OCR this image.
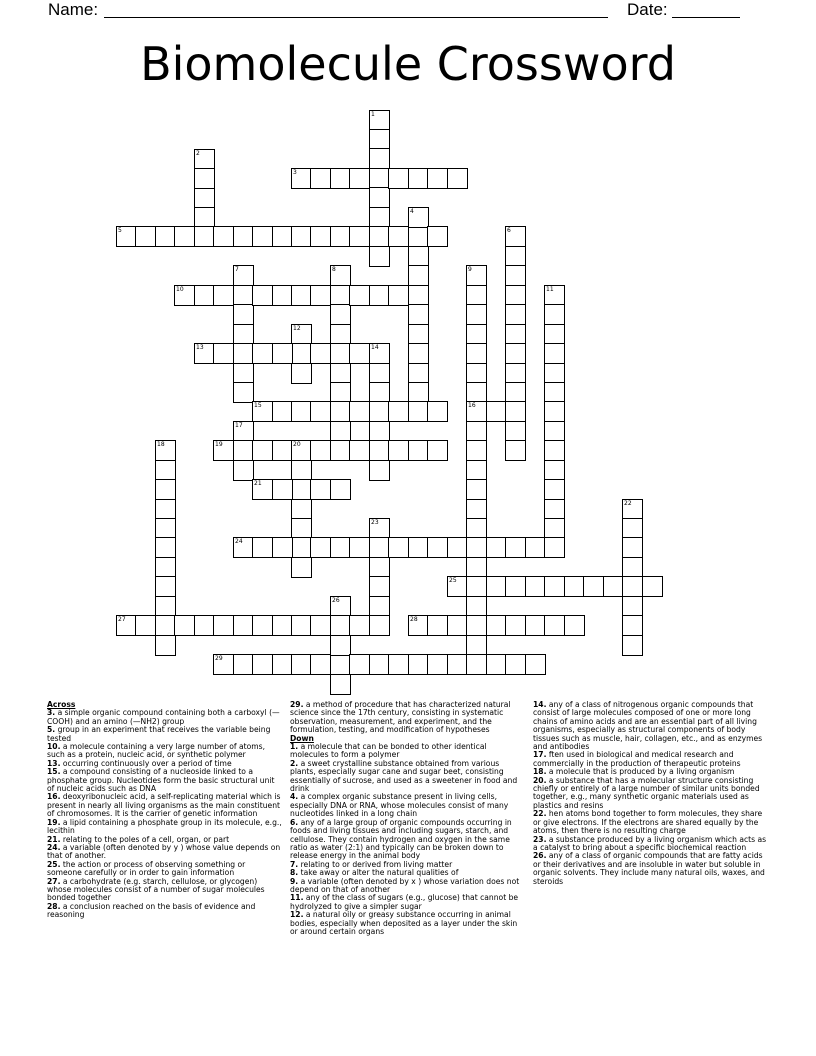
Name:	Date:
Biomolecule Crossword
1
2
3
4
5	6
7	8	9
10	11
12
13	14
15	16
17
18	19	20
21
22
23
24
25
26
27	28
29
Across
3. a simple organic compound containing both a carboxyl (—COOH) and an amino (—NH2) group
5. group in an experiment that receives the variable being tested
10. a molecule containing a very large number of atoms, such as a protein, nucleic acid, or synthetic polymer
13. occurring continuously over a period of time
15. a compound consisting of a nucleoside linked to a phosphate group. Nucleotides form the basic structural unit of nucleic acids such as DNA
16. deoxyribonucleic acid, a self-replicating material which is present in nearly all living organisms as the main constituent of chromosomes. It is the carrier of genetic information
19. a lipid containing a phosphate group in its molecule, e.g., lecithin
21. relating to the poles of a cell, organ, or part
24. a variable (often denoted by y ) whose value depends on that of another.
25. the action or process of observing something or someone carefully or in order to gain information
27. a carbohydrate (e.g. starch, cellulose, or glycogen) whose molecules consist of a number of sugar molecules bonded together
28. a conclusion reached on the basis of evidence and reasoning
29. a method of procedure that has characterized natural science since the 17th century, consisting in systematic observation, measurement, and experiment, and the formulation, testing, and modification of hypotheses
Down
1. a molecule that can be bonded to other identical molecules to form a polymer
2. a sweet crystalline substance obtained from various plants, especially sugar cane and sugar beet, consisting essentially of sucrose, and used as a sweetener in food and drink
4. a complex organic substance present in living cells, especially DNA or RNA, whose molecules consist of many nucleotides linked in a long chain
6. any of a large group of organic compounds occurring in foods and living tissues and including sugars, starch, and cellulose. They contain hydrogen and oxygen in the same ratio as water (2:1) and typically can be broken down to release energy in the animal body
7. relating to or derived from living matter
8. take away or alter the natural qualities of
9. a variable (often denoted by x ) whose variation does not depend on that of another
11. any of the class of sugars (e.g., glucose) that cannot be hydrolyzed to give a simpler sugar
12. a natural oily or greasy substance occurring in animal bodies, especially when deposited as a layer under the skin or around certain organs
14. any of a class of nitrogenous organic compounds that consist of large molecules composed of one or more long chains of amino acids and are an essential part of all living organisms, especially as structural components of body tissues such as muscle, hair, collagen, etc., and as enzymes and antibodies
17. ften used in biological and medical research and commercially in the production of therapeutic proteins
18. a molecule that is produced by a living organism
20. a substance that has a molecular structure consisting chiefly or entirely of a large number of similar units bonded together, e.g., many synthetic organic materials used as plastics and resins
22. hen atoms bond together to form molecules, they share or give electrons. If the electrons are shared equally by the atoms, then there is no resulting charge
23. a substance produced by a living organism which acts as a catalyst to bring about a specific biochemical reaction
26. any of a class of organic compounds that are fatty acids or their derivatives and are insoluble in water but soluble in organic solvents. They include many natural oils, waxes, and steroids
